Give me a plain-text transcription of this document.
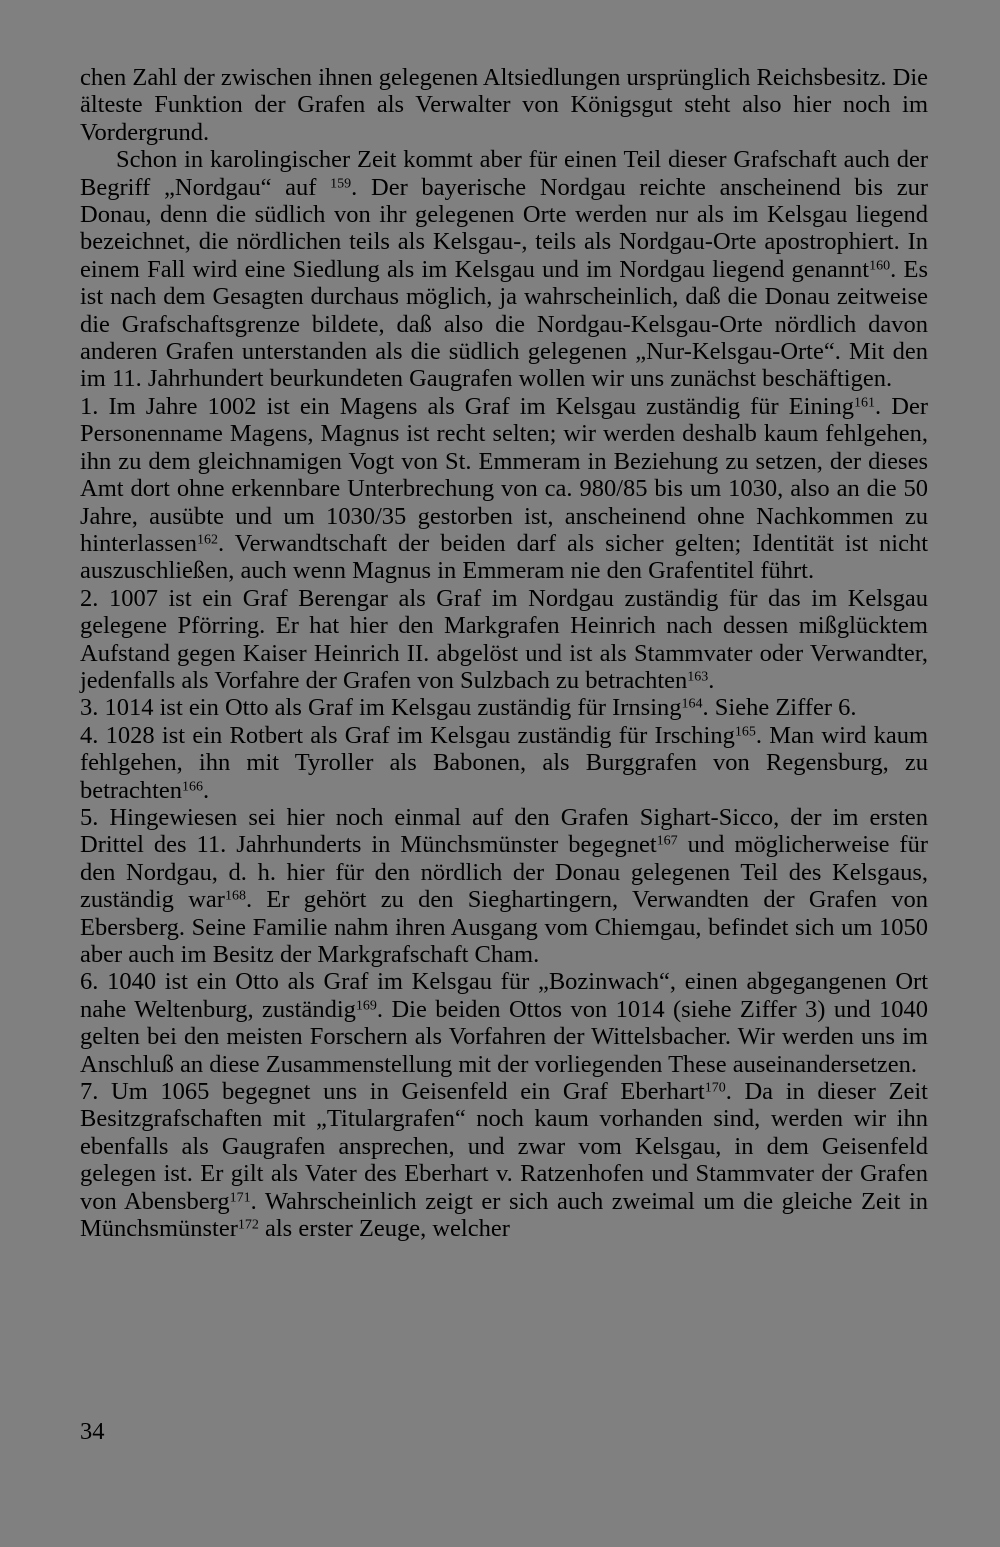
chen Zahl der zwischen ihnen gelegenen Altsiedlungen ursprünglich Reichsbesitz. Die älteste Funktion der Grafen als Verwalter von Königsgut steht also hier noch im Vordergrund.

Schon in karolingischer Zeit kommt aber für einen Teil dieser Grafschaft auch der Begriff „Nordgau“ auf $^{159}$. Der bayerische Nordgau reichte anscheinend bis zur Donau, denn die südlich von ihr gelegenen Orte werden nur als im Kelsgau liegend bezeichnet, die nördlichen teils als Kelsgau-, teils als Nordgau-Orte apostrophiert. In einem Fall wird eine Siedlung als im Kelsgau und im Nordgau liegend genannt$^{160}$. Es ist nach dem Gesagten durchaus möglich, ja wahrscheinlich, daß die Donau zeitweise die Grafschaftsgrenze bildete, daß also die Nordgau-Kelsgau-Orte nördlich davon anderen Grafen unterstanden als die südlich gelegenen „Nur-Kelsgau-Orte“. Mit den im 11. Jahrhundert beurkundeten Gaugrafen wollen wir uns zunächst beschäftigen.

1. Im Jahre 1002 ist ein Magens als Graf im Kelsgau zuständig für Eining$^{161}$. Der Personenname Magens, Magnus ist recht selten; wir werden deshalb kaum fehlgehen, ihn zu dem gleichnamigen Vogt von St. Emmeram in Beziehung zu setzen, der dieses Amt dort ohne erkennbare Unterbrechung von ca. 980/85 bis um 1030, also an die 50 Jahre, ausübte und um 1030/35 gestorben ist, anscheinend ohne Nachkommen zu hinterlassen$^{162}$. Verwandtschaft der beiden darf als sicher gelten; Identität ist nicht auszuschließen, auch wenn Magnus in Emmeram nie den Grafentitel führt.

2. 1007 ist ein Graf Berengar als Graf im Nordgau zuständig für das im Kelsgau gelegene Pförring. Er hat hier den Markgrafen Heinrich nach dessen mißglücktem Aufstand gegen Kaiser Heinrich II. abgelöst und ist als Stammvater oder Verwandter, jedenfalls als Vorfahre der Grafen von Sulzbach zu betrachten$^{163}$.

3. 1014 ist ein Otto als Graf im Kelsgau zuständig für Irnsing$^{164}$. Siehe Ziffer 6.

4. 1028 ist ein Rotbert als Graf im Kelsgau zuständig für Irsching$^{165}$. Man wird kaum fehlgehen, ihn mit Tyroller als Babonen, als Burggrafen von Regensburg, zu betrachten$^{166}$.

5. Hingewiesen sei hier noch einmal auf den Grafen Sighart-Sicco, der im ersten Drittel des 11. Jahrhunderts in Münchsmünster begegnet$^{167}$ und möglicherweise für den Nordgau, d. h. hier für den nördlich der Donau gelegenen Teil des Kelsgaus, zuständig war$^{168}$. Er gehört zu den Sieghartingern, Verwandten der Grafen von Ebersberg. Seine Familie nahm ihren Ausgang vom Chiemgau, befindet sich um 1050 aber auch im Besitz der Markgrafschaft Cham.

6. 1040 ist ein Otto als Graf im Kelsgau für „Bozinwach“, einen abgegangenen Ort nahe Weltenburg, zuständig$^{169}$. Die beiden Ottos von 1014 (siehe Ziffer 3) und 1040 gelten bei den meisten Forschern als Vorfahren der Wittelsbacher. Wir werden uns im Anschluß an diese Zusammenstellung mit der vorliegenden These auseinandersetzen.

7. Um 1065 begegnet uns in Geisenfeld ein Graf Eberhart$^{170}$. Da in dieser Zeit Besitzgrafschaften mit „Titulargrafen“ noch kaum vorhanden sind, werden wir ihn ebenfalls als Gaugrafen ansprechen, und zwar vom Kelsgau, in dem Geisenfeld gelegen ist. Er gilt als Vater des Eberhart v. Ratzenhofen und Stammvater der Grafen von Abensberg$^{171}$. Wahrscheinlich zeigt er sich auch zweimal um die gleiche Zeit in Münchsmünster$^{172}$ als erster Zeuge, welcher

34
